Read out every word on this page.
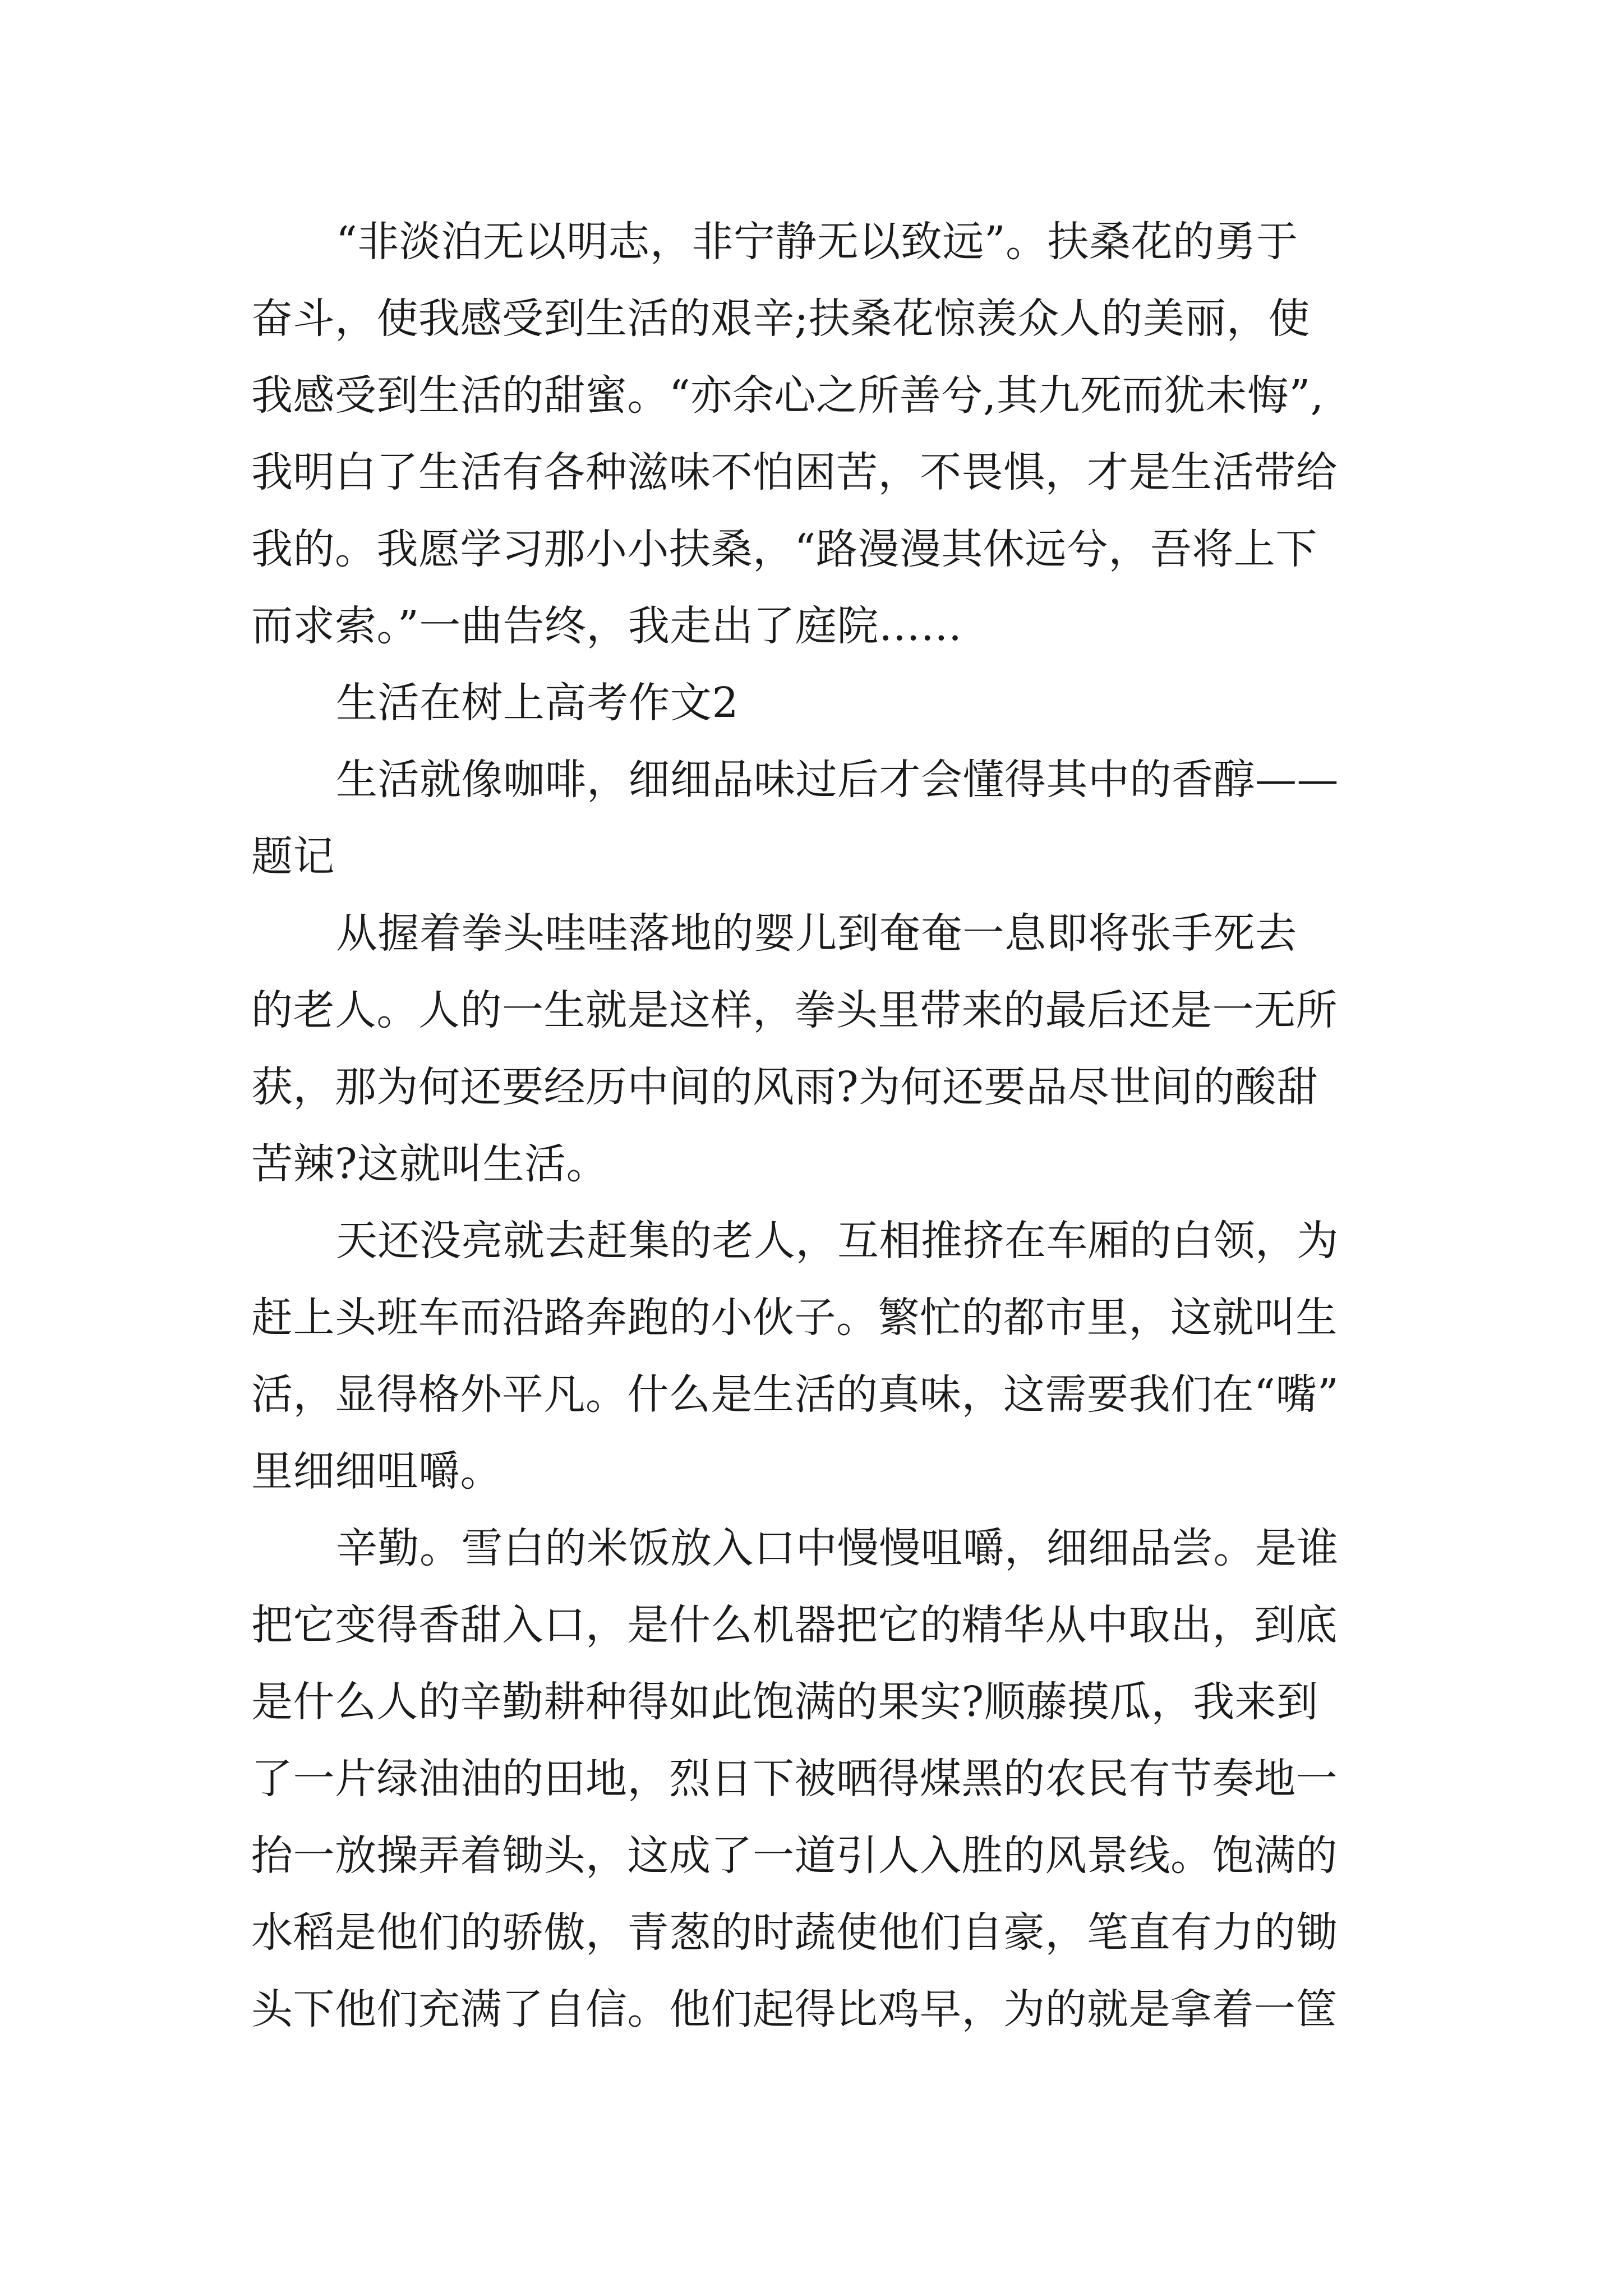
“非淡泊无以明志，非宁静无以致远”。扶桑花的勇于
奋斗，使我感受到生活的艰辛;扶桑花惊羡众人的美丽，使
我感受到生活的甜蜜。“亦余心之所善兮,其九死而犹未悔”,
我明白了生活有各种滋味不怕困苦，不畏惧，才是生活带给
我的。我愿学习那小小扶桑，“路漫漫其休远兮，吾将上下
而求索。”一曲告终，我走出了庭院……
生活在树上高考作文2
生活就像咖啡，细细品味过后才会懂得其中的香醇——
题记
从握着拳头哇哇落地的婴儿到奄奄一息即将张手死去
的老人。人的一生就是这样，拳头里带来的最后还是一无所
获，那为何还要经历中间的风雨?为何还要品尽世间的酸甜
苦辣?这就叫生活。
天还没亮就去赶集的老人，互相推挤在车厢的白领，为
赶上头班车而沿路奔跑的小伙子。繁忙的都市里，这就叫生
活，显得格外平凡。什么是生活的真味，这需要我们在“嘴”
里细细咀嚼。
辛勤。雪白的米饭放入口中慢慢咀嚼，细细品尝。是谁
把它变得香甜入口，是什么机器把它的精华从中取出，到底
是什么人的辛勤耕种得如此饱满的果实?顺藤摸瓜，我来到
了一片绿油油的田地，烈日下被晒得煤黑的农民有节奏地一
抬一放操弄着锄头，这成了一道引人入胜的风景线。饱满的
水稻是他们的骄傲，青葱的时蔬使他们自豪，笔直有力的锄
头下他们充满了自信。他们起得比鸡早，为的就是拿着一筐
